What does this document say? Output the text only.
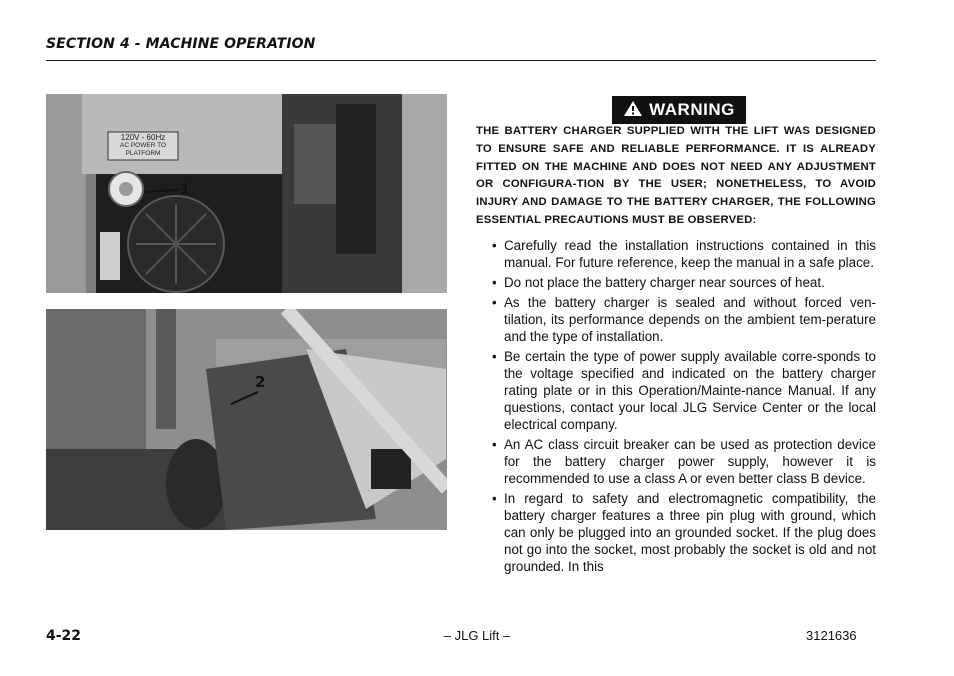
SECTION 4 - MACHINE OPERATION
120V - 60Hz
AC POWER TO
PLATFORM
1
2
WARNING
THE BATTERY CHARGER SUPPLIED WITH THE LIFT WAS DESIGNED TO ENSURE SAFE AND RELIABLE PERFORMANCE. IT IS ALREADY FITTED ON THE MACHINE AND DOES NOT NEED ANY ADJUSTMENT OR CONFIGURA-TION BY THE USER; NONETHELESS, TO AVOID INJURY AND DAMAGE TO THE BATTERY CHARGER, THE FOLLOWING ESSENTIAL PRECAUTIONS MUST BE OBSERVED:
• Carefully read the installation instructions contained in this manual. For future reference, keep the manual in a safe place.
• Do not place the battery charger near sources of heat.
• As the battery charger is sealed and without forced ven-tilation, its performance depends on the ambient tem-perature and the type of installation.
• Be certain the type of power supply available corre-sponds to the voltage specified and indicated on the battery charger rating plate or in this Operation/Mainte-nance Manual. If any questions, contact your local JLG Service Center or the local electrical company.
• An AC class circuit breaker can be used as protection device for the battery charger power supply, however it is recommended to use a class A or even better class B device.
• In regard to safety and electromagnetic compatibility, the battery charger features a three pin plug with ground, which can only be plugged into an grounded socket. If the plug does not go into the socket, most probably the socket is old and not grounded. In this
4-22	– JLG Lift –	3121636
